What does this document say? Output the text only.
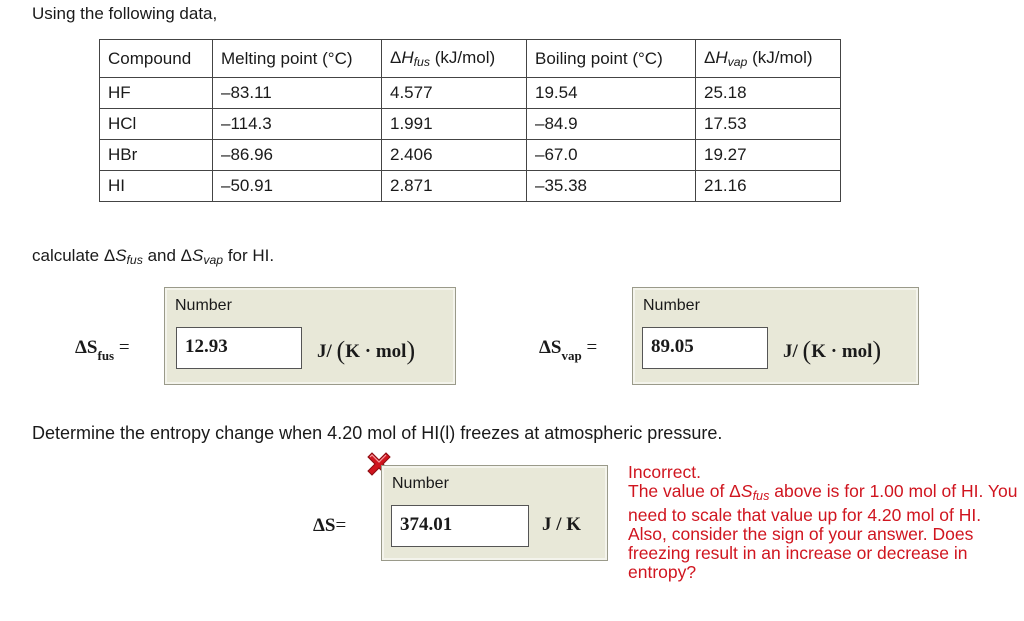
Using the following data,
Compound	Melting point (°C)	$\Delta H_{fus}$ (kJ/mol)	Boiling point (°C)	$\Delta H_{vap}$ (kJ/mol)
HF	–83.11	4.577	19.54	25.18
HCl	–114.3	1.991	–84.9	17.53
HBr	–86.96	2.406	–67.0	19.27
HI	–50.91	2.871	–35.38	21.16
calculate $\Delta S_{fus}$ and $\Delta S_{vap}$ for HI.
$\Delta S_{fus}$ =
Number
12.93	J/ (K · mol)	$\Delta S_{vap}$ =
Number
89.05	J/ (K · mol)
Determine the entropy change when 4.20 mol of HI(l) freezes at atmospheric pressure.
ΔS=
Number
374.01	J / K
Incorrect.
The value of $\Delta S_{fus}$ above is for 1.00 mol of HI. You need to scale that value up for 4.20 mol of HI. Also, consider the sign of your answer. Does freezing result in an increase or decrease in entropy?
